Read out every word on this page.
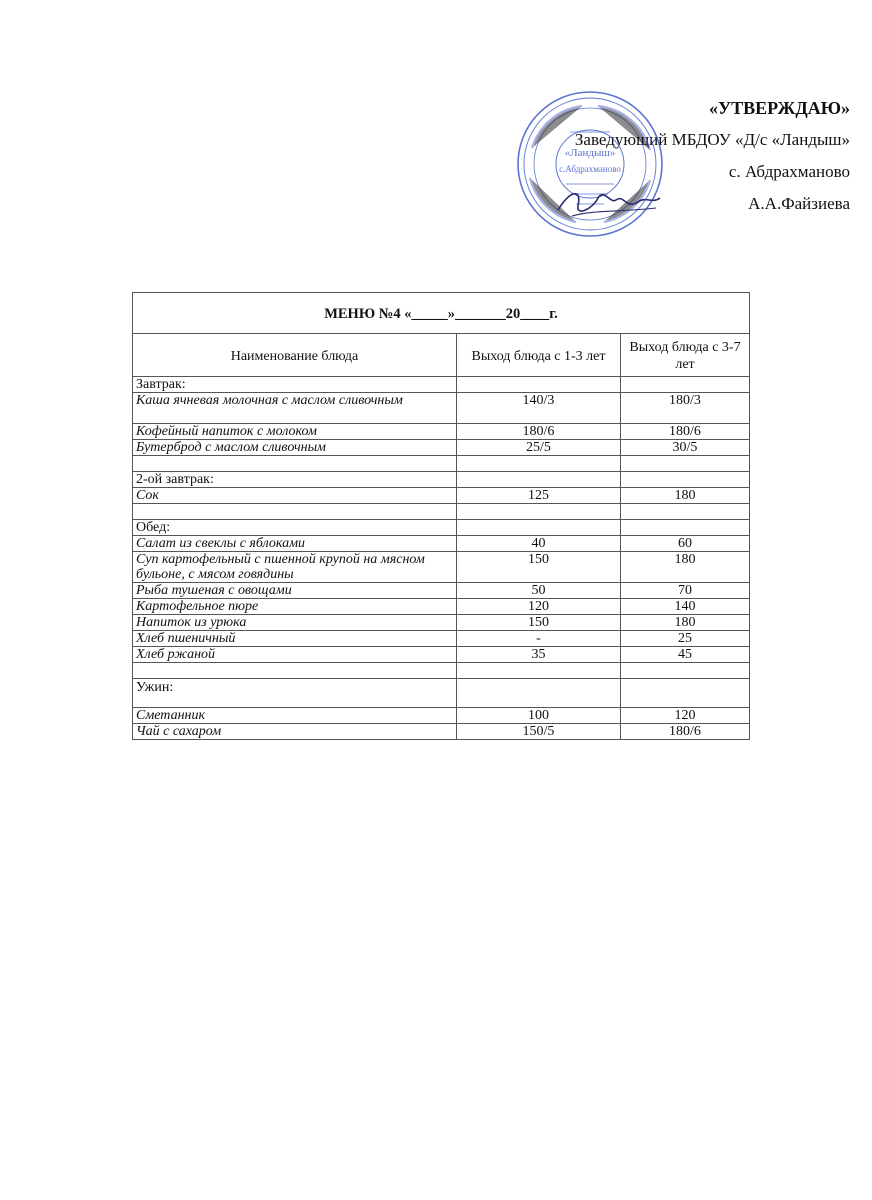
«УТВЕРЖДАЮ»
Заведующий МБДОУ «Д/с «Ландыш»
с. Абдрахманово
А.А.Файзиева
«Ландыш»
с.Абдрахманово
МЕНЮ №4 «_____»_______20____г.		
Наименование блюда	Выход блюда с 1-3 лет	Выход блюда с 3-7 лет
Завтрак:		
Каша ячневая молочная с маслом сливочным	140/3	180/3
Кофейный напиток с молоком	180/6	180/6
Бутерброд с маслом сливочным	25/5	30/5

2-ой завтрак:		
Сок	125	180

Обед:		
Салат из свеклы с яблоками	40	60
Суп картофельный с пшенной крупой на мясном бульоне, с мясом говядины	150	180
Рыба тушеная с овощами	50	70
Картофельное пюре	120	140
Напиток из урюка	150	180
Хлеб пшеничный	-	25
Хлеб ржаной	35	45

Ужин:		
Сметанник	100	120
Чай с сахаром	150/5	180/6
